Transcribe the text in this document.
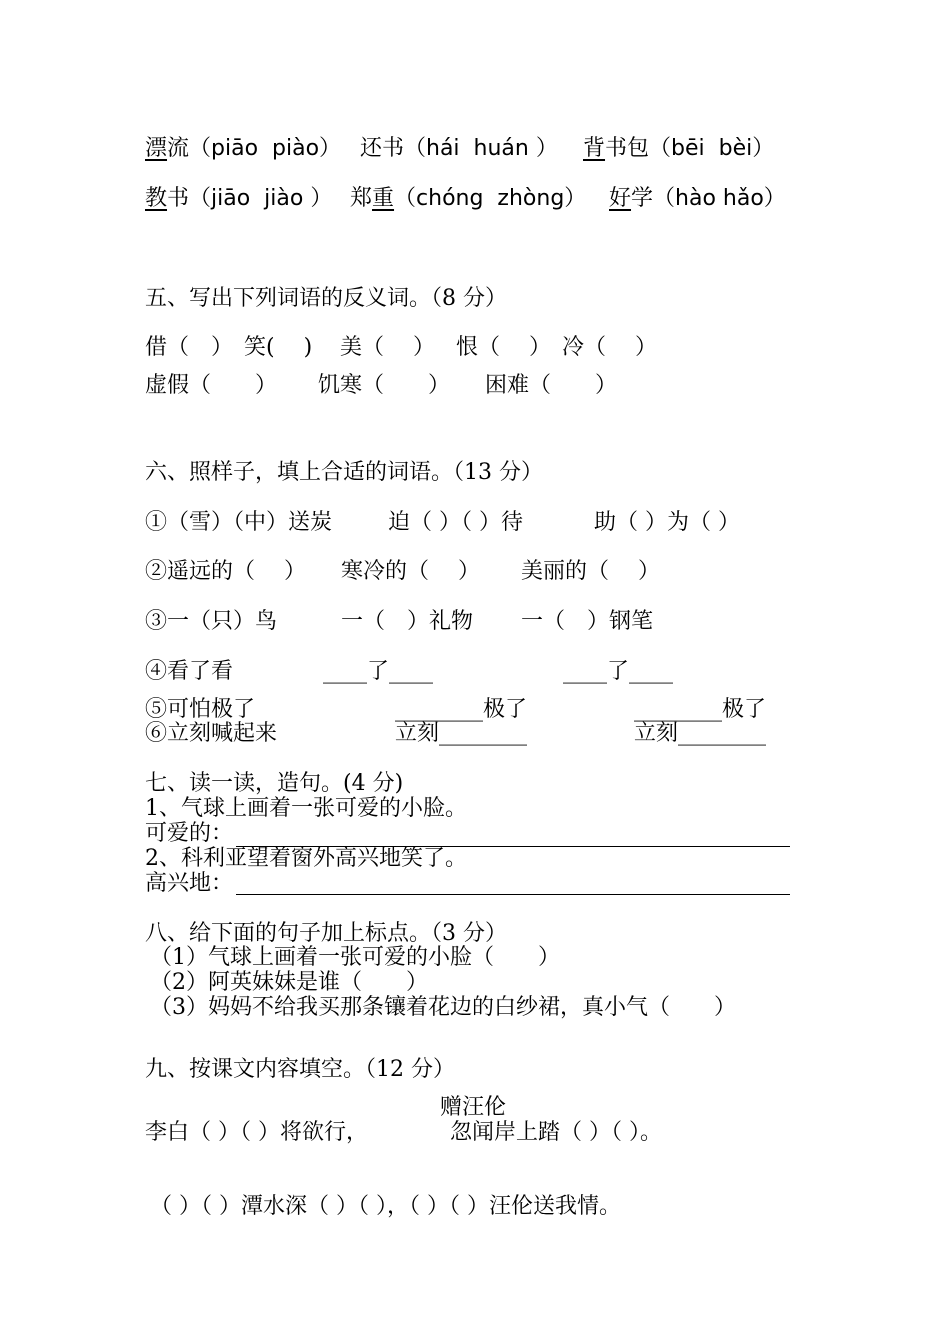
漂流（piāo  piào） 还书（hái  huán ） 背书包（bēi  bèi）
教书（jiāo  jiào ） 郑重（chóng  zhòng） 好学（hào hǎo）
五、写出下列词语的反义词。（8 分）
借（　） 笑(　 ) 美（　 ） 恨（　 ） 冷（　 ）
虚假（　　） 饥寒（　　） 困难（　　）
六、照样子，填上合适的词语。（13 分）
①（雪）（中）送炭	迫（ ）（ ）待	助（ ）为（ ）
②遥远的（　 ） 寒冷的（　 ） 美丽的（　 ）
③一（只）鸟	一（　）礼物 一（　）钢笔
④看了看	____了____	____了____
⑤可怕极了	________极了	________极了
⑥立刻喊起来	立刻________	立刻________
七、读一读，造句。(4 分)
1、气球上画着一张可爱的小脸。
可爱的：
2、科利亚望着窗外高兴地笑了。
高兴地：
八、给下面的句子加上标点。（3 分）
（1）气球上画着一张可爱的小脸（　　）
（2）阿英妹妹是谁（　　）
（3）妈妈不给我买那条镶着花边的白纱裙，真小气（　　）
九、按课文内容填空。（12 分）
赠汪伦
李白（ ）（ ）将欲行，	忽闻岸上踏（ ）（ ）。
（ ）（ ）潭水深（ ）（ ），（ ）（ ）汪伦送我情。
